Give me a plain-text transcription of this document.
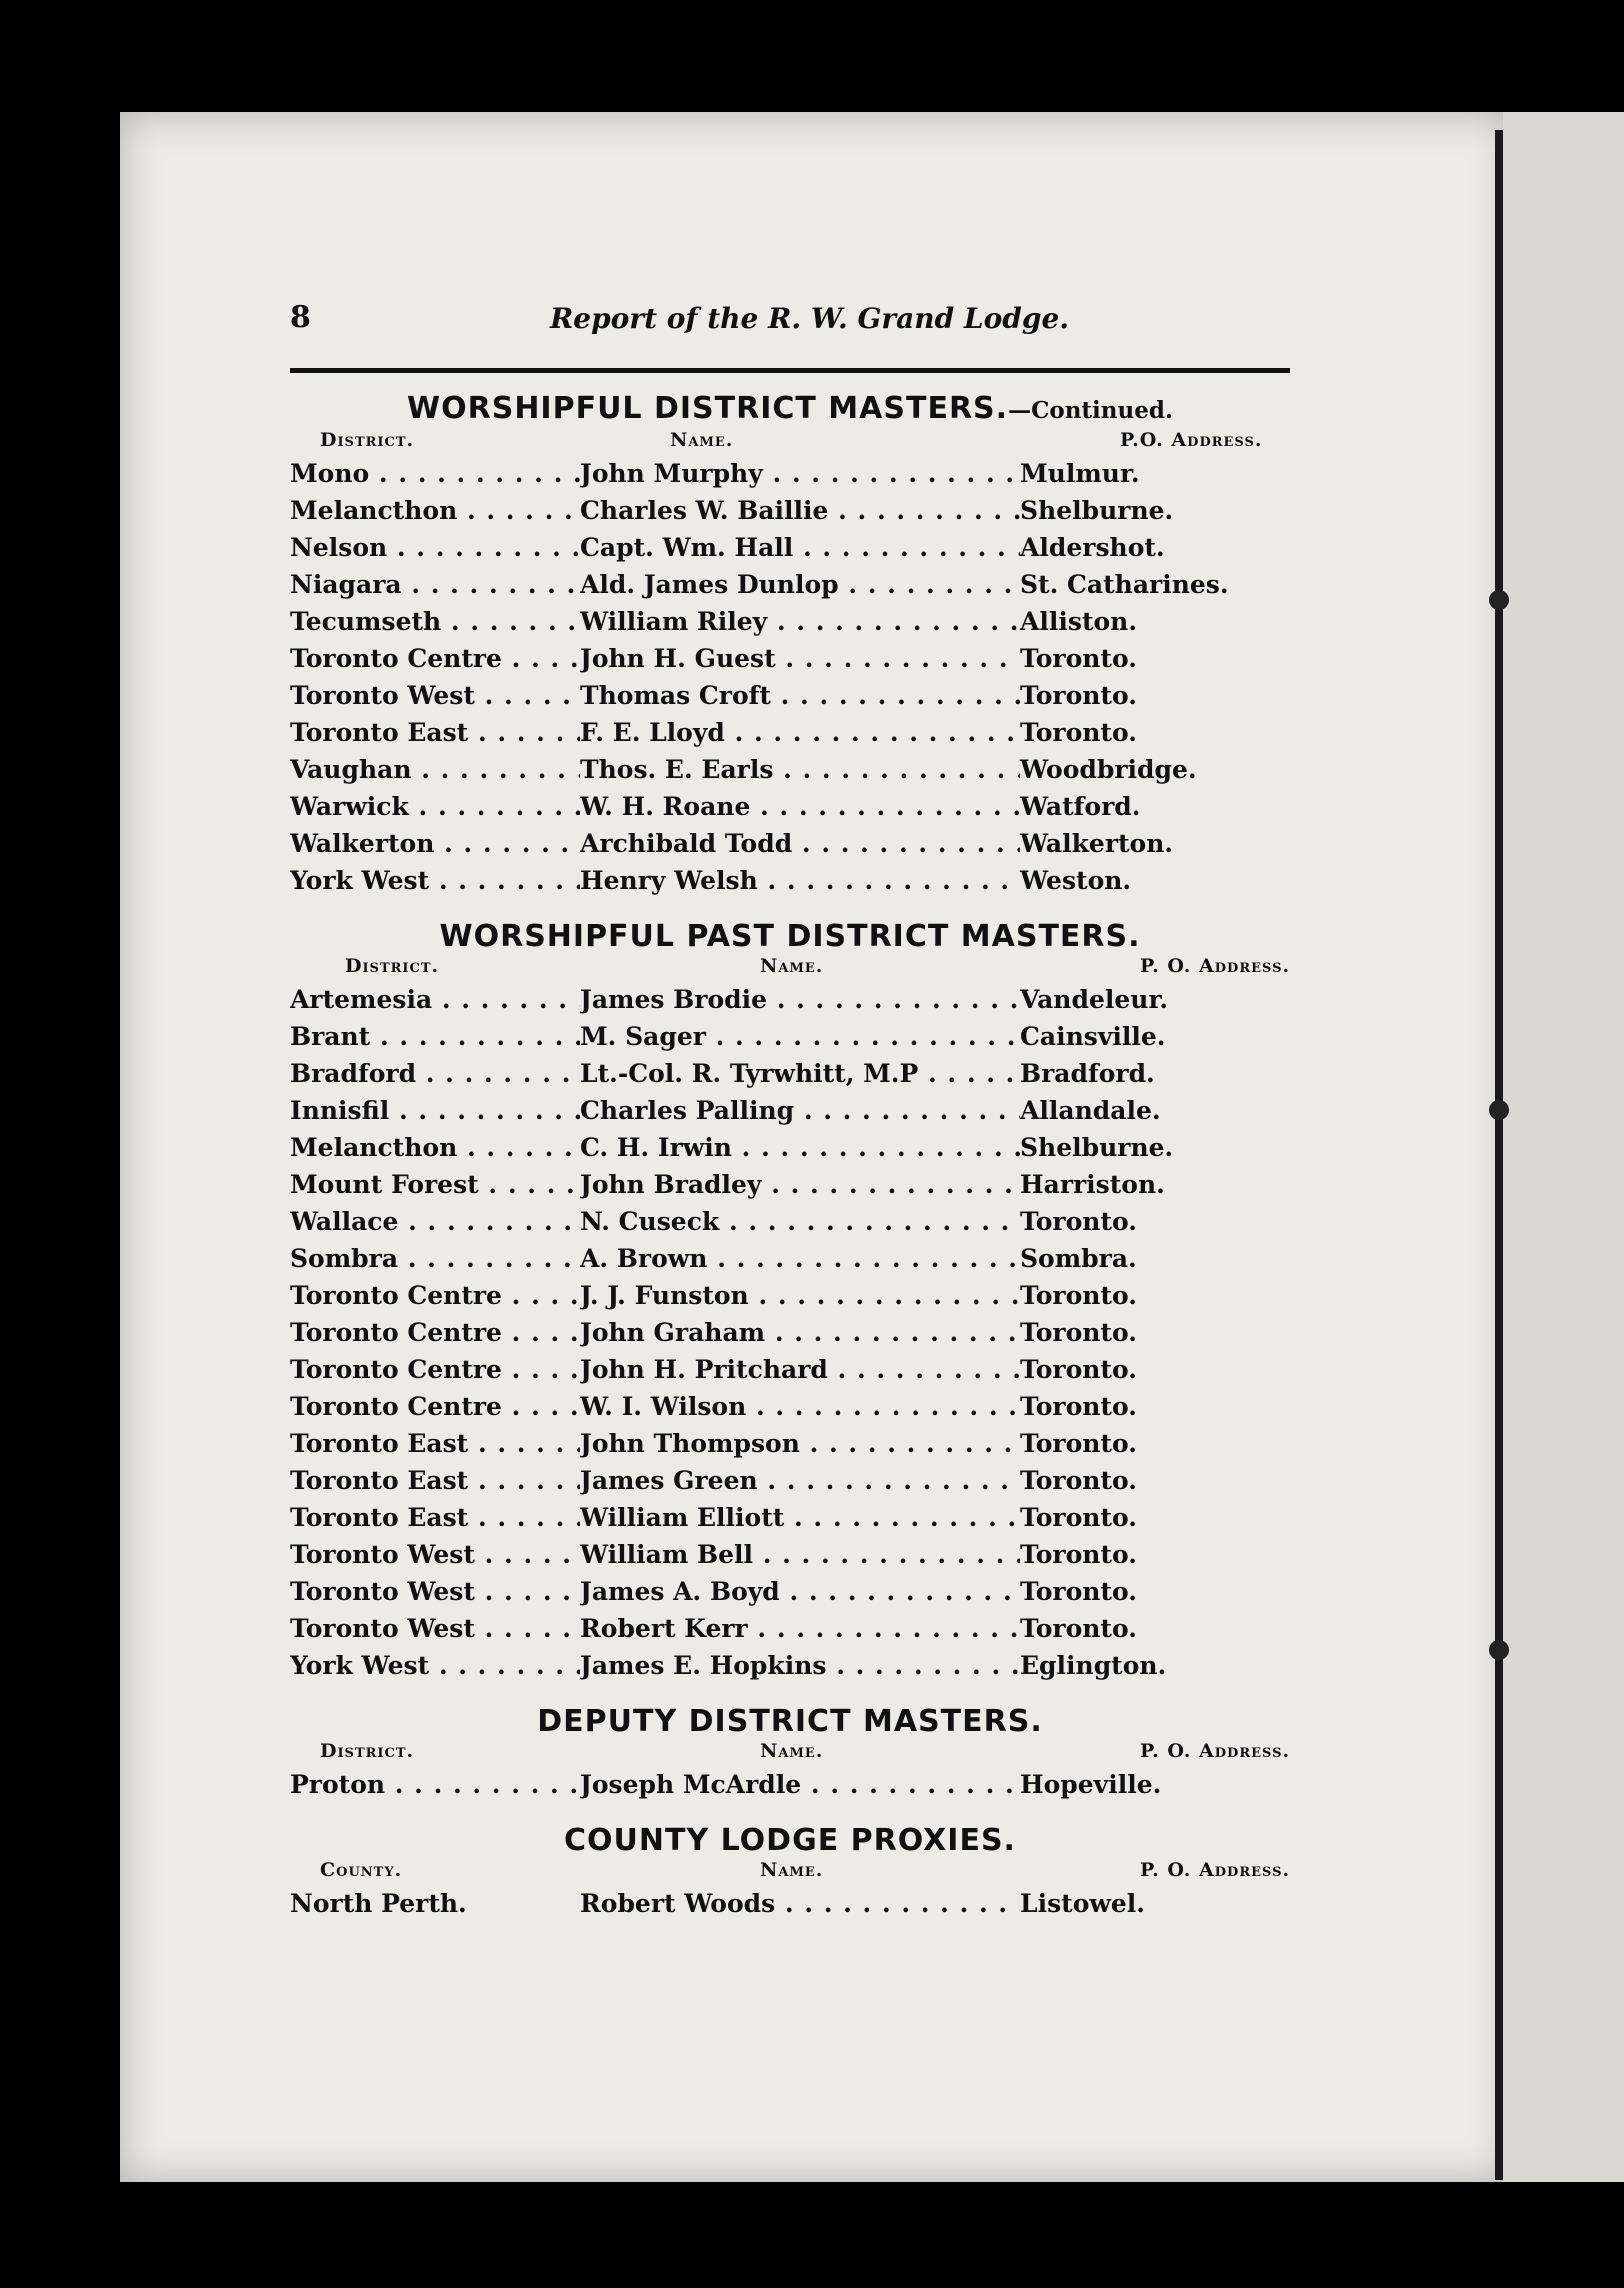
8	Report of the R. W. Grand Lodge.
WORSHIPFUL DISTRICT MASTERS.—Continued.
District.	Name.	P.O. Address.
Mono . . .	John Murphy . . .	Mulmur.
Melancthon . . .	Charles W. Baillie . . .	Shelburne.
Nelson . . .	Capt. Wm. Hall . . .	Aldershot.
Niagara . . .	Ald. James Dunlop . . .	St. Catharines.
Tecumseth . . .	William Riley . . .	Alliston.
Toronto Centre . . .	John H. Guest . . .	Toronto.
Toronto West . . .	Thomas Croft . . .	Toronto.
Toronto East . . .	F. E. Lloyd . . .	Toronto.
Vaughan . . .	Thos. E. Earls . . .	Woodbridge.
Warwick . . .	W. H. Roane . . .	Watford.
Walkerton . . .	Archibald Todd . . .	Walkerton.
York West . . .	Henry Welsh . . .	Weston.
WORSHIPFUL PAST DISTRICT MASTERS.
District.	Name.	P. O. Address.
Artemesia . . .	James Brodie . . .	Vandeleur.
Brant . . .	M. Sager . . .	Cainsville.
Bradford . . .	Lt.-Col. R. Tyrwhitt, M.P . . .	Bradford.
Innisfil . . .	Charles Palling . . .	Allandale.
Melancthon . . .	C. H. Irwin . . .	Shelburne.
Mount Forest . . .	John Bradley . . .	Harriston.
Wallace . . .	N. Cuseck . . .	Toronto.
Sombra . . .	A. Brown . . .	Sombra.
Toronto Centre . . .	J. J. Funston . . .	Toronto.
Toronto Centre . . .	John Graham . . .	Toronto.
Toronto Centre . . .	John H. Pritchard . . .	Toronto.
Toronto Centre . . .	W. I. Wilson . . .	Toronto.
Toronto East . . .	John Thompson . . .	Toronto.
Toronto East . . .	James Green . . .	Toronto.
Toronto East . . .	William Elliott . . .	Toronto.
Toronto West . . .	William Bell . . .	Toronto.
Toronto West . . .	James A. Boyd . . .	Toronto.
Toronto West . . .	Robert Kerr . . .	Toronto.
York West . . .	James E. Hopkins . . .	Eglington.
DEPUTY DISTRICT MASTERS.
District.	Name.	P. O. Address.
Proton . . .	Joseph McArdle . . .	Hopeville.
COUNTY LODGE PROXIES.
County.	Name.	P. O. Address.
North Perth.	Robert Woods . . .	Listowel.
